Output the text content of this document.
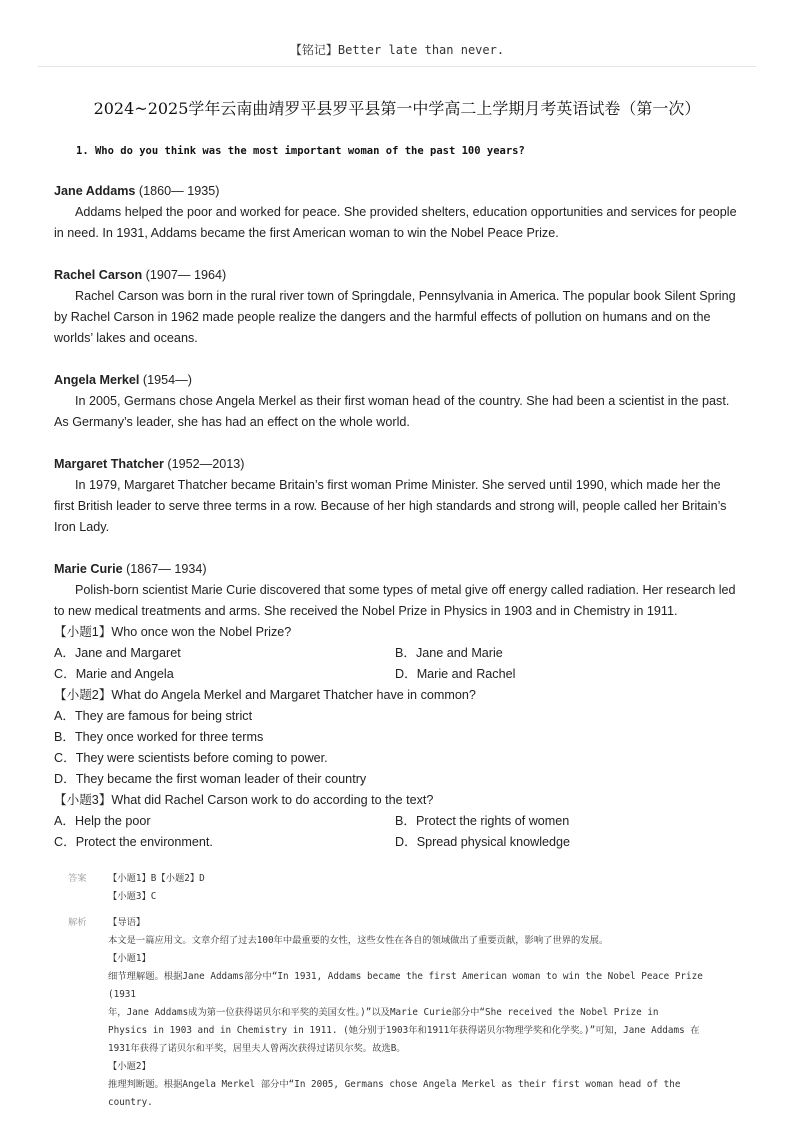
【铭记】Better late than never.
2024~2025学年云南曲靖罗平县罗平县第一中学高二上学期月考英语试卷（第一次）
1. Who do you think was the most important woman of the past 100 years?
Jane Addams (1860— 1935)
Addams helped the poor and worked for peace. She provided shelters, education opportunities and services for people in need. In 1931, Addams became the first American woman to win the Nobel Peace Prize.
Rachel Carson (1907— 1964)
Rachel Carson was born in the rural river town of Springdale, Pennsylvania in America. The popular book Silent Spring by Rachel Carson in 1962 made people realize the dangers and the harmful effects of pollution on humans and on the worlds’ lakes and oceans.
Angela Merkel (1954—)
In 2005, Germans chose Angela Merkel as their first woman head of the country. She had been a scientist in the past. As Germany’s leader, she has had an effect on the whole world.
Margaret Thatcher (1952—2013)
In 1979, Margaret Thatcher became Britain’s first woman Prime Minister. She served until 1990, which made her the first British leader to serve three terms in a row. Because of her high standards and strong will, people called her Britain’s Iron Lady.
Marie Curie (1867— 1934)
Polish-born scientist Marie Curie discovered that some types of metal give off energy called radiation. Her research led to new medical treatments and arms. She received the Nobel Prize in Physics in 1903 and in Chemistry in 1911.
【小题1】Who once won the Nobel Prize?
A．Jane and Margaret	B．Jane and Marie
C．Marie and Angela	D．Marie and Rachel
【小题2】What do Angela Merkel and Margaret Thatcher have in common?
A．They are famous for being strict
B．They once worked for three terms
C．They were scientists before coming to power.
D．They became the first woman leader of their country
【小题3】What did Rachel Carson work to do according to the text?
A．Help the poor	B．Protect the rights of women
C．Protect the environment.	D．Spread physical knowledge
答案	【小题1】B【小题2】D
【小题3】C
解析	【导语】
本文是一篇应用文。文章介绍了过去100年中最重要的女性，这些女性在各自的领域做出了重要贡献，影响了世界的发展。
【小题1】
细节理解题。根据Jane Addams部分中“In 1931, Addams became the first American woman to win the Nobel Peace Prize (1931
年，Jane Addams成为第一位获得诺贝尔和平奖的美国女性。)”以及Marie Curie部分中“She received the Nobel Prize in
Physics in 1903 and in Chemistry in 1911. (她分别于1903年和1911年获得诺贝尔物理学奖和化学奖。)”可知，Jane Addams 在
1931年获得了诺贝尔和平奖，居里夫人曾两次获得过诺贝尔奖。故选B。
【小题2】
推理判断题。根据Angela Merkel 部分中“In 2005, Germans chose Angela Merkel as their first woman head of the country.
